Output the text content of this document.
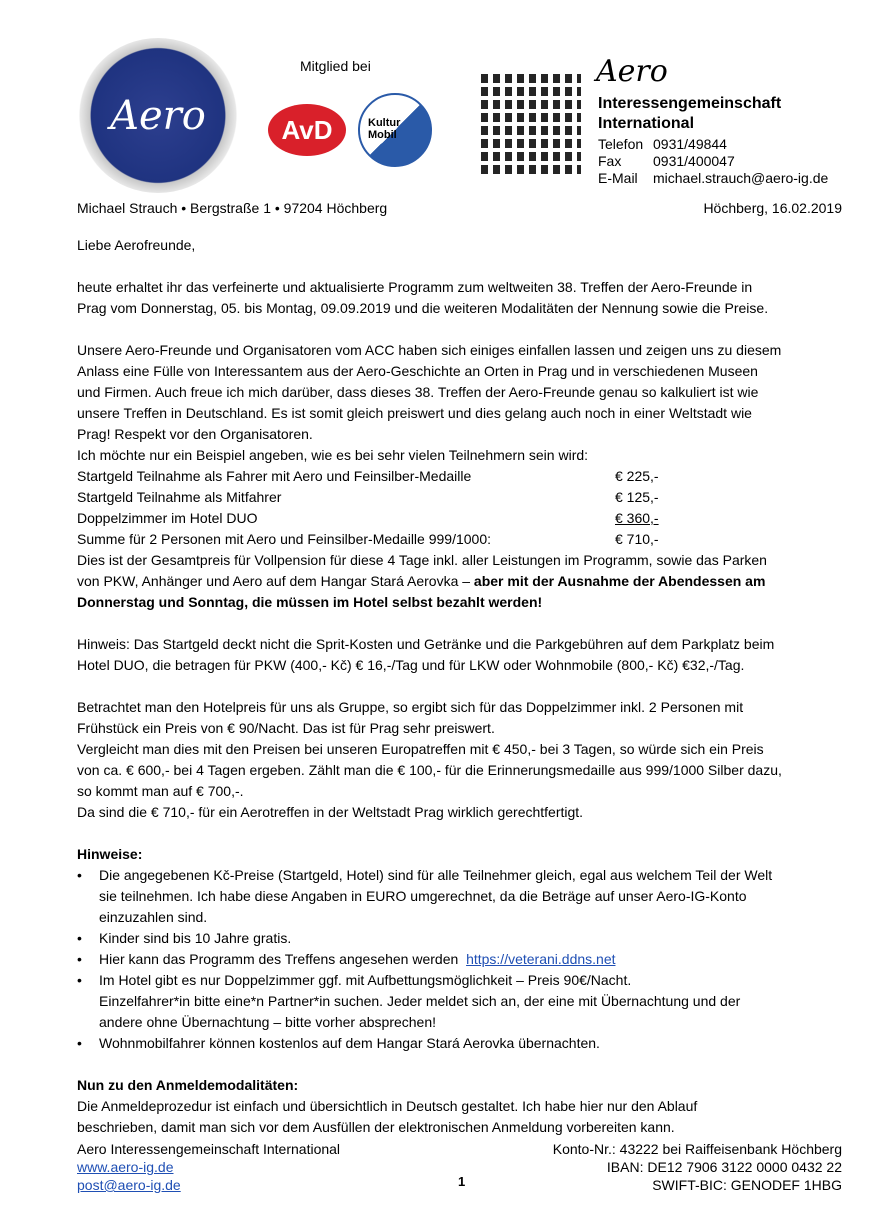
Aero
Mitglied bei
AvD	Kultur Mobil
Aero
Interessengemeinschaft
International
Telefon 0931/49844
Fax 0931/400047
E-Mail michael.strauch@aero-ig.de
Michael Strauch • Bergstraße 1 • 97204 Höchberg	Höchberg, 16.02.2019

Liebe Aerofreunde,

heute erhaltet ihr das verfeinerte und aktualisierte Programm zum weltweiten 38. Treffen der Aero-Freunde in
Prag vom Donnerstag, 05. bis Montag, 09.09.2019 und die weiteren Modalitäten der Nennung sowie die Preise.

Unsere Aero-Freunde und Organisatoren vom ACC haben sich einiges einfallen lassen und zeigen uns zu diesem
Anlass eine Fülle von Interessantem aus der Aero-Geschichte an Orten in Prag und in verschiedenen Museen
und Firmen. Auch freue ich mich darüber, dass dieses 38. Treffen der Aero-Freunde genau so kalkuliert ist wie
unsere Treffen in Deutschland. Es ist somit gleich preiswert und dies gelang auch noch in einer Weltstadt wie
Prag! Respekt vor den Organisatoren.
Ich möchte nur ein Beispiel angeben, wie es bei sehr vielen Teilnehmern sein wird:
Startgeld Teilnahme als Fahrer mit Aero und Feinsilber-Medaille	€ 225,-
Startgeld Teilnahme als Mitfahrer	€ 125,-
Doppelzimmer im Hotel DUO	€ 360,-
Summe für 2 Personen mit Aero und Feinsilber-Medaille 999/1000:	€ 710,-

Dies ist der Gesamtpreis für Vollpension für diese 4 Tage inkl. aller Leistungen im Programm, sowie das Parken
von PKW, Anhänger und Aero auf dem Hangar Stará Aerovka – aber mit der Ausnahme der Abendessen am
Donnerstag und Sonntag, die müssen im Hotel selbst bezahlt werden!

Hinweis: Das Startgeld deckt nicht die Sprit-Kosten und Getränke und die Parkgebühren auf dem Parkplatz beim
Hotel DUO, die betragen für PKW (400,- Kč) € 16,-/Tag und für LKW oder Wohnmobile (800,- Kč) €32,-/Tag.

Betrachtet man den Hotelpreis für uns als Gruppe, so ergibt sich für das Doppelzimmer inkl. 2 Personen mit
Frühstück ein Preis von € 90/Nacht. Das ist für Prag sehr preiswert.
Vergleicht man dies mit den Preisen bei unseren Europatreffen mit € 450,- bei 3 Tagen, so würde sich ein Preis
von ca. € 600,- bei 4 Tagen ergeben. Zählt man die € 100,- für die Erinnerungsmedaille aus 999/1000 Silber dazu,
so kommt man auf € 700,-.
Da sind die € 710,- für ein Aerotreffen in der Weltstadt Prag wirklich gerechtfertigt.

Hinweise:
• Die angegebenen Kč-Preise (Startgeld, Hotel) sind für alle Teilnehmer gleich, egal aus welchem Teil der Welt
sie teilnehmen. Ich habe diese Angaben in EURO umgerechnet, da die Beträge auf unser Aero-IG-Konto
einzuzahlen sind.
• Kinder sind bis 10 Jahre gratis.
• Hier kann das Programm des Treffens angesehen werden https://veterani.ddns.net
• Im Hotel gibt es nur Doppelzimmer ggf. mit Aufbettungsmöglichkeit – Preis 90€/Nacht.
Einzelfahrer*in bitte eine*n Partner*in suchen. Jeder meldet sich an, der eine mit Übernachtung und der
andere ohne Übernachtung – bitte vorher absprechen!
• Wohnmobilfahrer können kostenlos auf dem Hangar Stará Aerovka übernachten.
Nun zu den Anmeldemodalitäten:
Die Anmeldeprozedur ist einfach und übersichtlich in Deutsch gestaltet. Ich habe hier nur den Ablauf
beschrieben, damit man sich vor dem Ausfüllen der elektronischen Anmeldung vorbereiten kann.
Aero Interessengemeinschaft International
www.aero-ig.de
post@aero-ig.de	1
Konto-Nr.: 43222 bei Raiffeisenbank Höchberg
IBAN: DE12 7906 3122 0000 0432 22
SWIFT-BIC: GENODEF 1HBG
